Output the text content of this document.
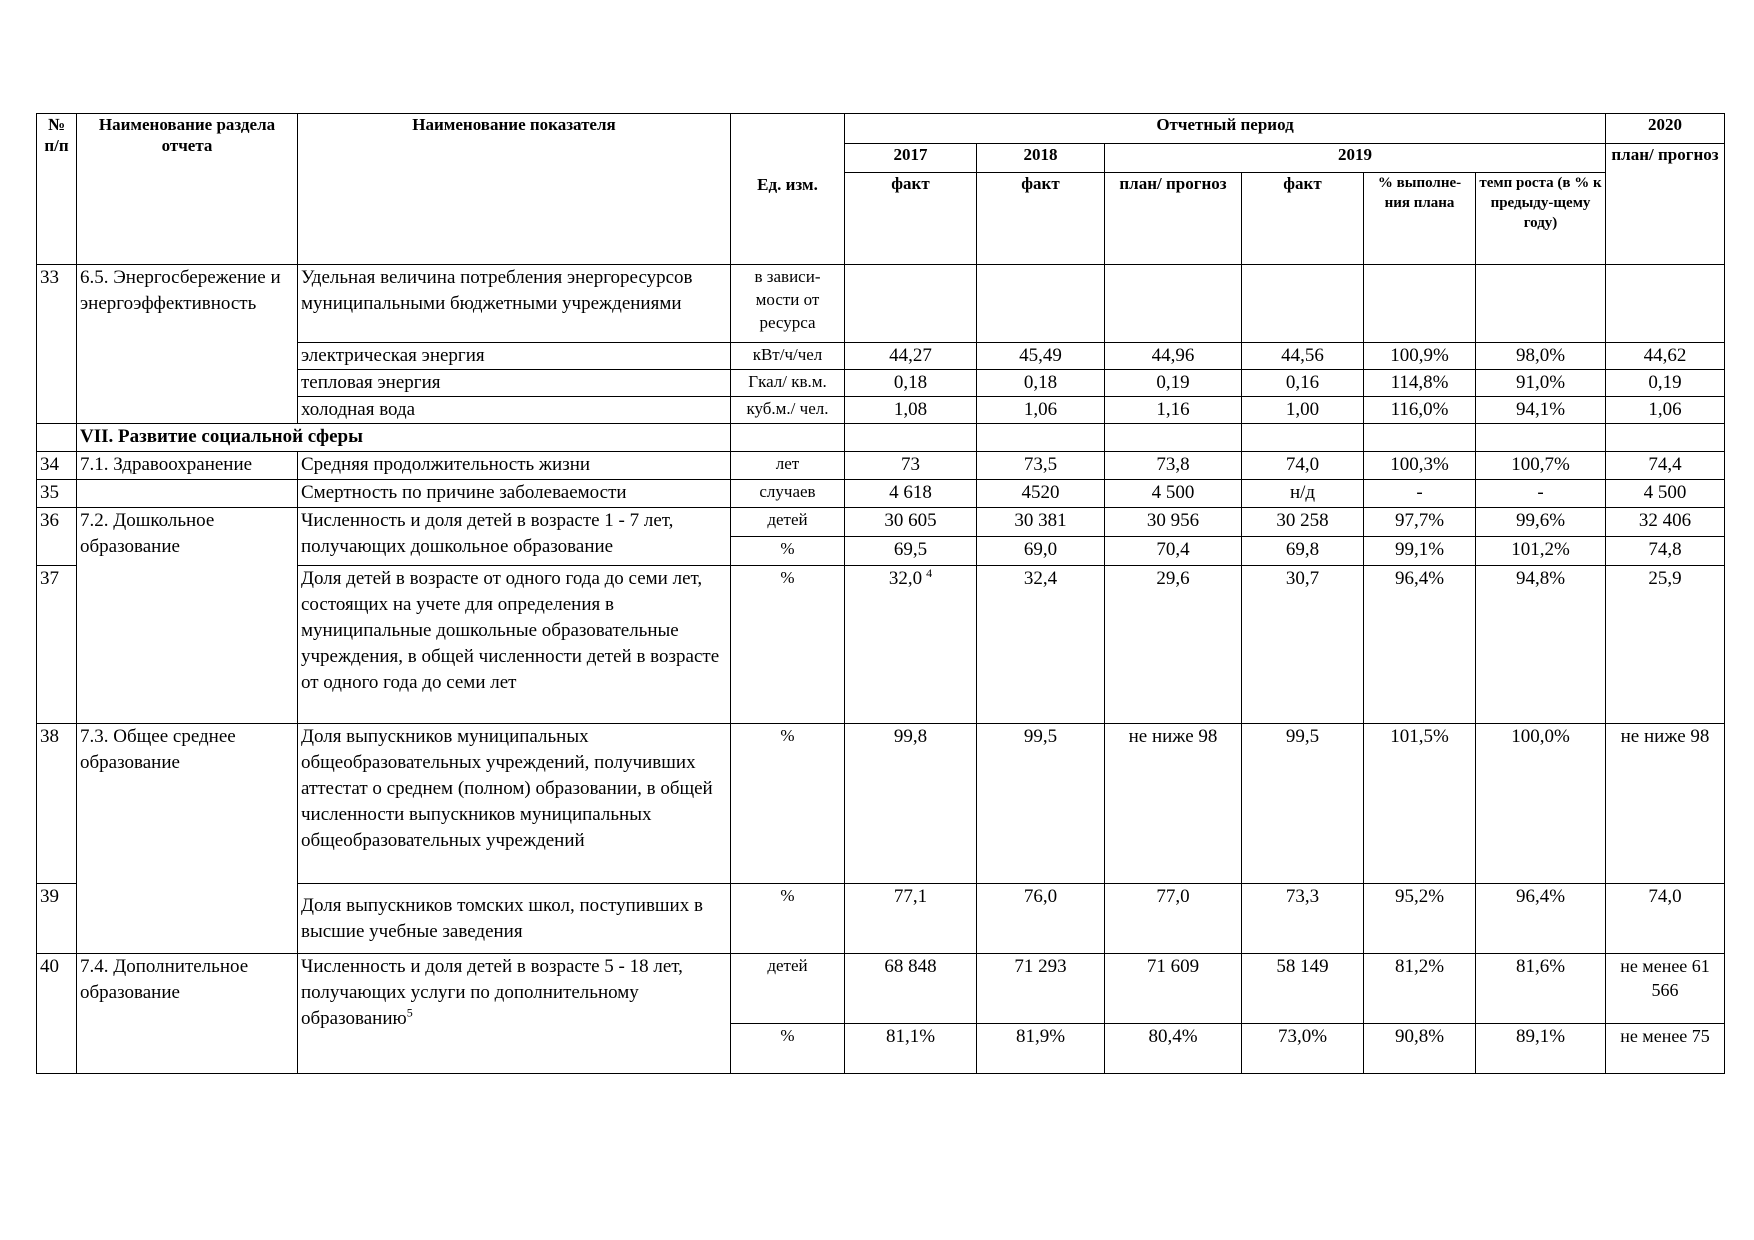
№ п/п	Наименование раздела отчета	Наименование показателя	Ед. изм.	Отчетный период						2020
				2017	2018	2019				план/ прогноз
				факт	факт	план/ прогноз	факт	% выполне-ния плана	темп роста (в % к предыду-щему году)	
33	6.5. Энергосбережение и энергоэффективность	Удельная величина потребления энергоресурсов муниципальными бюджетными учреждениями	в зависи-мости от ресурса							
		электрическая энергия	кВт/ч/чел	44,27	45,49	44,96	44,56	100,9%	98,0%	44,62
		тепловая энергия	Гкал/ кв.м.	0,18	0,18	0,19	0,16	114,8%	91,0%	0,19
		холодная вода	куб.м./ чел.	1,08	1,06	1,16	1,00	116,0%	94,1%	1,06
	VII. Развитие социальной сферы									
34	7.1. Здравоохранение	Средняя продолжительность жизни	лет	73	73,5	73,8	74,0	100,3%	100,7%	74,4
35		Смертность по причине заболеваемости	случаев	4 618	4520	4 500	н/д	-	-	4 500
36	7.2. Дошкольное образование	Численность и доля детей в возрасте 1 - 7 лет, получающих дошкольное образование	детей	30 605	30 381	30 956	30 258	97,7%	99,6%	32 406
			%	69,5	69,0	70,4	69,8	99,1%	101,2%	74,8
37		Доля детей в возрасте от одного года до семи лет, состоящих на учете для определения в муниципальные дошкольные образовательные учреждения, в общей численности детей в возрасте от одного года до семи лет	%	32,0 $^4$	32,4	29,6	30,7	96,4%	94,8%	25,9
38	7.3. Общее среднее образование	Доля выпускников муниципальных общеобразовательных учреждений, получивших аттестат о среднем (полном) образовании, в общей численности выпускников муниципальных общеобразовательных учреждений	%	99,8	99,5	не ниже 98	99,5	101,5%	100,0%	не ниже 98
39		Доля выпускников томских школ, поступивших в высшие учебные заведения	%	77,1	76,0	77,0	73,3	95,2%	96,4%	74,0
40	7.4. Дополнительное образование	Численность и доля детей в возрасте 5 - 18 лет, получающих услуги по дополнительному образованию$^5$	детей	68 848	71 293	71 609	58 149	81,2%	81,6%	не менее 61 566
			%	81,1%	81,9%	80,4%	73,0%	90,8%	89,1%	не менее 75
